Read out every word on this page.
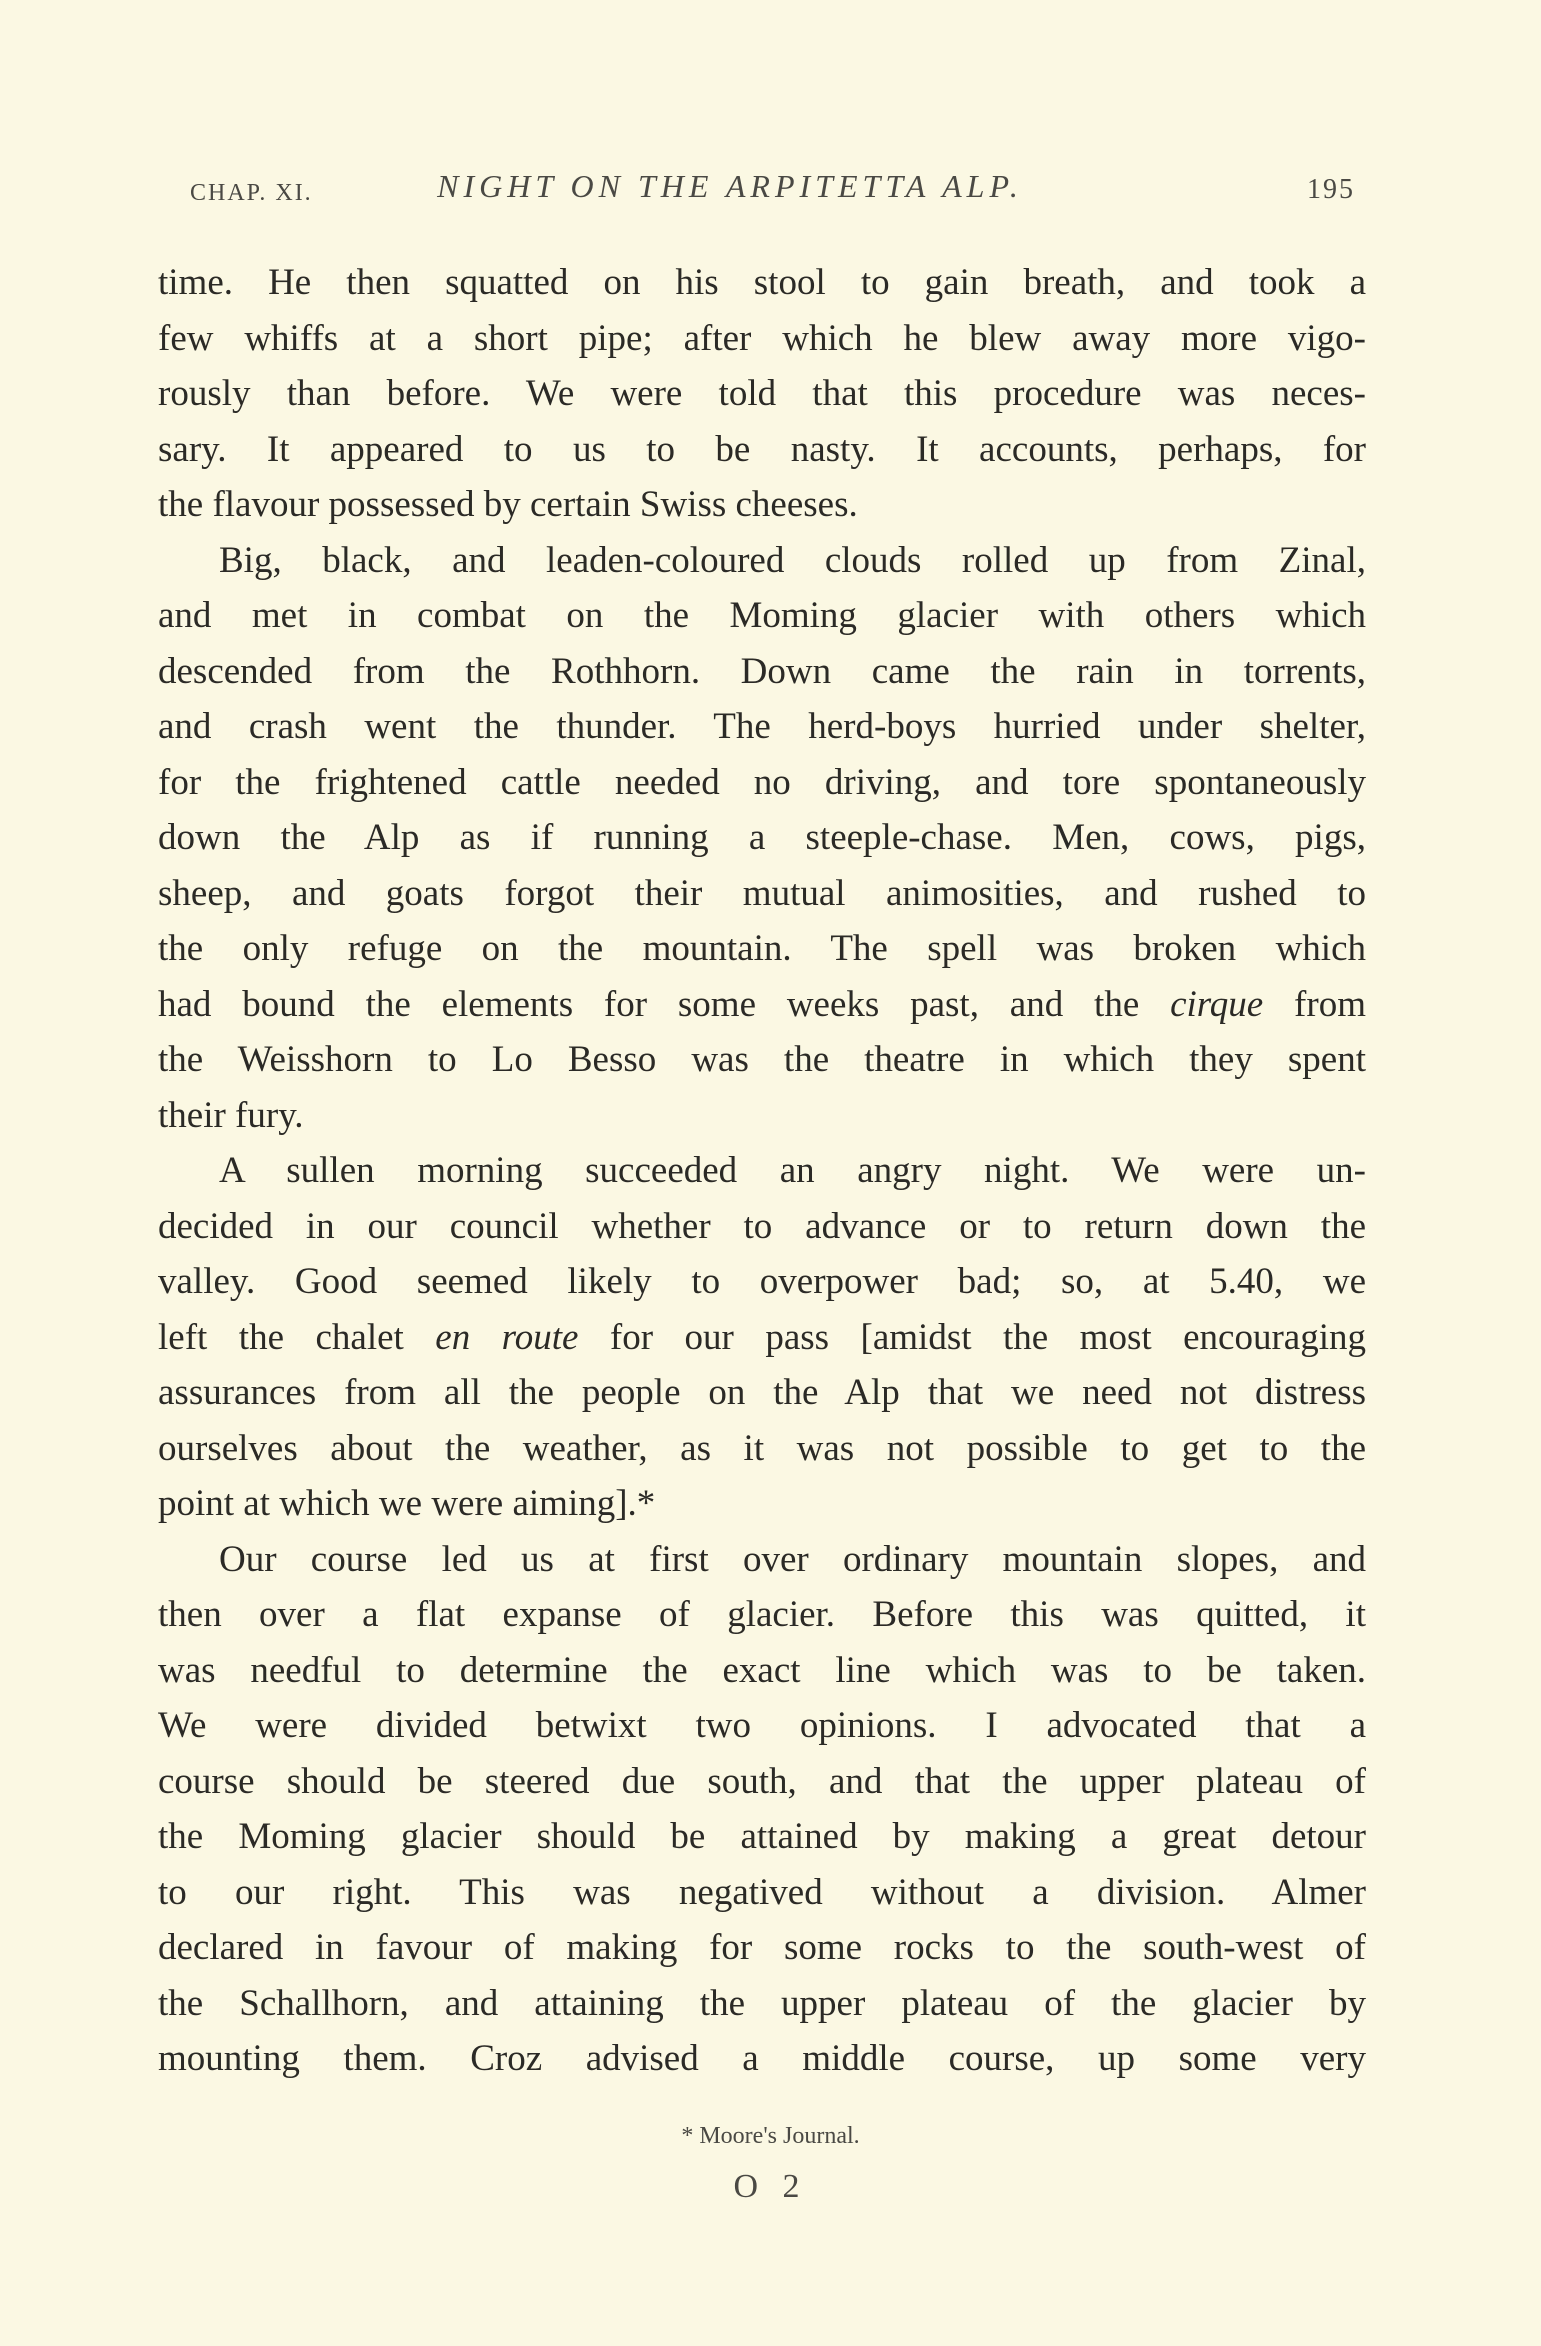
CHAP. XI.	NIGHT ON THE ARPITETTA ALP.	195
time. He then squatted on his stool to gain breath, and took a
few whiffs at a short pipe; after which he blew away more vigo-
rously than before. We were told that this procedure was neces-
sary. It appeared to us to be nasty. It accounts, perhaps, for
the flavour possessed by certain Swiss cheeses.
Big, black, and leaden-coloured clouds rolled up from Zinal,
and met in combat on the Moming glacier with others which
descended from the Rothhorn. Down came the rain in torrents,
and crash went the thunder. The herd-boys hurried under shelter,
for the frightened cattle needed no driving, and tore spontaneously
down the Alp as if running a steeple-chase. Men, cows, pigs,
sheep, and goats forgot their mutual animosities, and rushed to
the only refuge on the mountain. The spell was broken which
had bound the elements for some weeks past, and the cirque from
the Weisshorn to Lo Besso was the theatre in which they spent
their fury.
A sullen morning succeeded an angry night. We were un-
decided in our council whether to advance or to return down the
valley. Good seemed likely to overpower bad; so, at 5.40, we
left the chalet en route for our pass [amidst the most encouraging
assurances from all the people on the Alp that we need not distress
ourselves about the weather, as it was not possible to get to the
point at which we were aiming].*
Our course led us at first over ordinary mountain slopes, and
then over a flat expanse of glacier. Before this was quitted, it
was needful to determine the exact line which was to be taken.
We were divided betwixt two opinions. I advocated that a
course should be steered due south, and that the upper plateau of
the Moming glacier should be attained by making a great detour
to our right. This was negatived without a division. Almer
declared in favour of making for some rocks to the south-west of
the Schallhorn, and attaining the upper plateau of the glacier by
mounting them. Croz advised a middle course, up some very
* Moore's Journal.
O 2
